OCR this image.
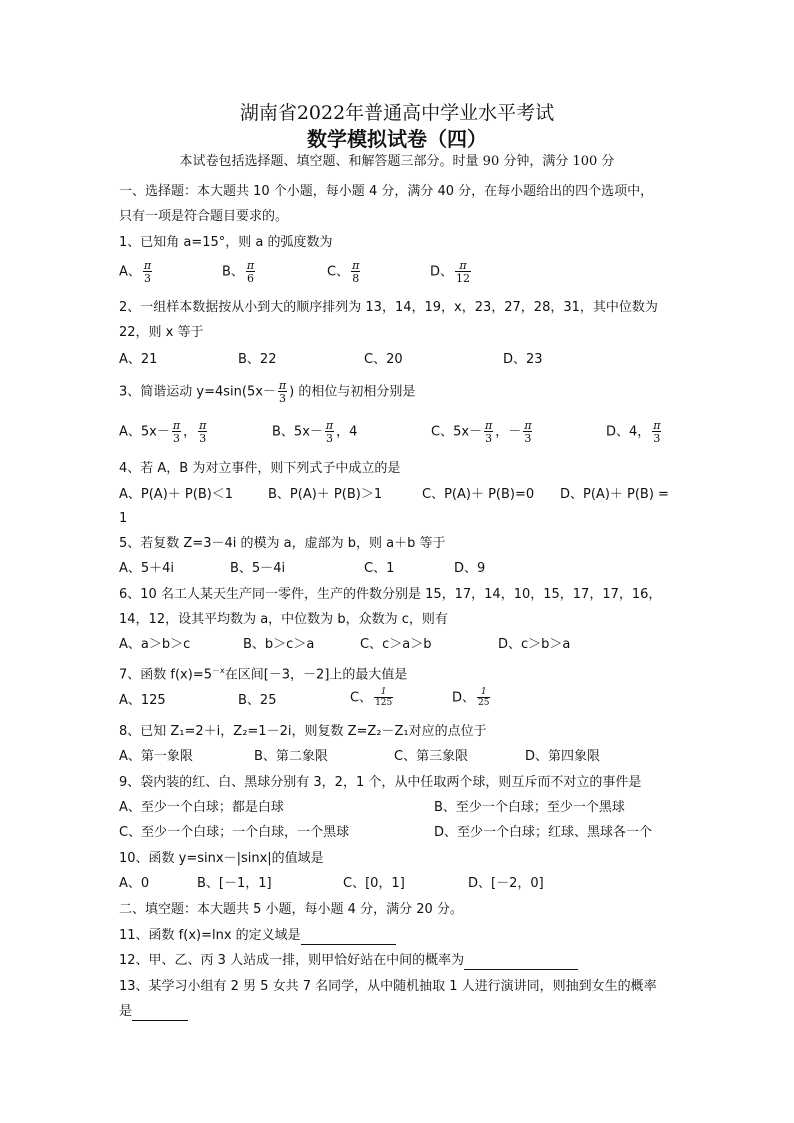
湖南省2022年普通高中学业水平考试
数学模拟试卷（四）
本试卷包括选择题、填空题、和解答题三部分。时量 90 分钟，满分 100 分
一、选择题：本大题共 10 个小题，每小题 4 分，满分 40 分，在每小题给出的四个选项中，
只有一项是符合题目要求的。
1、已知角 a=15°，则 a 的弧度数为
A、 $\frac{\pi}{3}$	B、 $\frac{\pi}{6}$	C、 $\frac{\pi}{8}$	D、 $\frac{\pi}{12}$
2、一组样本数据按从小到大的顺序排列为 13，14，19，x，23，27，28，31，其中位数为
22，则 x 等于
A、21	B、22	C、20	D、23
3、简谐运动 $y=4\sin(5x- \frac{\pi}{3}$ ) 的相位与初相分别是
A、$5x- \frac{\pi}{3}$ ， $\frac{\pi}{3}$	B、$5x- \frac{\pi}{3}$ ，4	C、$5x- \frac{\pi}{3}$ ，－ $\frac{\pi}{3}$	D、4， $\frac{\pi}{3}$
4、若 A，B 为对立事件，则下列式子中成立的是
A、P(A)＋ P(B)＜1	B、P(A)＋ P(B)＞1	C、P(A)＋ P(B)=0 D、P(A)＋ P(B) =
1
5、若复数 Z=3－4i 的模为 a，虚部为 b，则 a＋b 等于
A、5＋4i	B、5－4i	C、1	D、9
6、10 名工人某天生产同一零件，生产的件数分别是 15，17，14，10，15，17，17，16，
14，12，设其平均数为 a，中位数为 b，众数为 c，则有
A、a＞b＞c	B、b＞c＞a	C、c＞a＞b	D、c＞b＞a
7、函数 $f(x)=5^{-x}$在区间[－3，－2]上的最大值是
A、125	B、25	C、 $\frac{1}{125}$	D、 $\frac{1}{25}$
8、已知 Z₁=2＋i，Z₂=1－2i，则复数 Z=Z₂－Z₁对应的点位于
A、第一象限	B、第二象限	C、第三象限	D、第四象限
9、袋内装的红、白、黑球分别有 3，2，1 个，从中任取两个球，则互斥而不对立的事件是
A、至少一个白球；都是白球	B、至少一个白球；至少一个黑球
C、至少一个白球；一个白球，一个黑球	D、至少一个白球；红球、黑球各一个
10、函数 y=sinx－|sinx|的值域是
A、0	B、[－1，1]	C、[0，1]	D、[－2，0]
二、填空题：本大题共 5 小题，每小题 4 分，满分 20 分。
11、函数 f(x)=lnx 的定义域是
12、甲、乙、丙 3 人站成一排，则甲恰好站在中间的概率为
13、某学习小组有 2 男 5 女共 7 名同学，从中随机抽取 1 人进行演讲同，则抽到女生的概率
是
